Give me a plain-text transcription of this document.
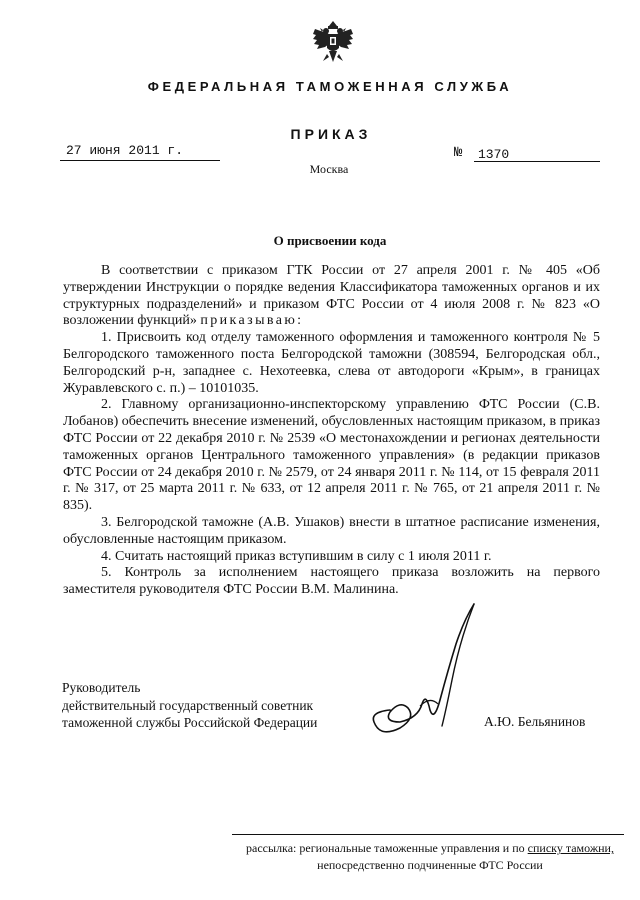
ФЕДЕРАЛЬНАЯ ТАМОЖЕННАЯ СЛУЖБА
ПРИКАЗ
27 июня 2011 г.	№ 1370
Москва
О присвоении кода

В соответствии с приказом ГТК России от 27 апреля 2001 г. № 405 «Об утверждении Инструкции о порядке ведения Классификатора таможенных органов и их структурных подразделений» и приказом ФТС России от 4 июля 2008 г. № 823 «О возложении функций» приказываю:

1. Присвоить код отделу таможенного оформления и таможенного контроля № 5 Белгородского таможенного поста Белгородской таможни (308594, Белгородская обл., Белгородский р-н, западнее с. Нехотеевка, слева от автодороги «Крым», в границах Журавлевского с. п.) – 10101035.

2. Главному организационно-инспекторскому управлению ФТС России (С.В. Лобанов) обеспечить внесение изменений, обусловленных настоящим приказом, в приказ ФТС России от 22 декабря 2010 г. № 2539 «О местонахождении и регионах деятельности таможенных органов Центрального таможенного управления» (в редакции приказов ФТС России от 24 декабря 2010 г. № 2579, от 24 января 2011 г. № 114, от 15 февраля 2011 г. № 317, от 25 марта 2011 г. № 633, от 12 апреля 2011 г. № 765, от 21 апреля 2011 г. № 835).

3. Белгородской таможне (А.В. Ушаков) внести в штатное расписание изменения, обусловленные настоящим приказом.

4. Считать настоящий приказ вступившим в силу с 1 июля 2011 г.

5. Контроль за исполнением настоящего приказа возложить на первого заместителя руководителя ФТС России В.М. Малинина.

Руководитель
действительный государственный советник
таможенной службы Российской Федерации	А.Ю. Бельянинов
рассылка: региональные таможенные управления и по списку таможни,
непосредственно подчиненные ФТС России
